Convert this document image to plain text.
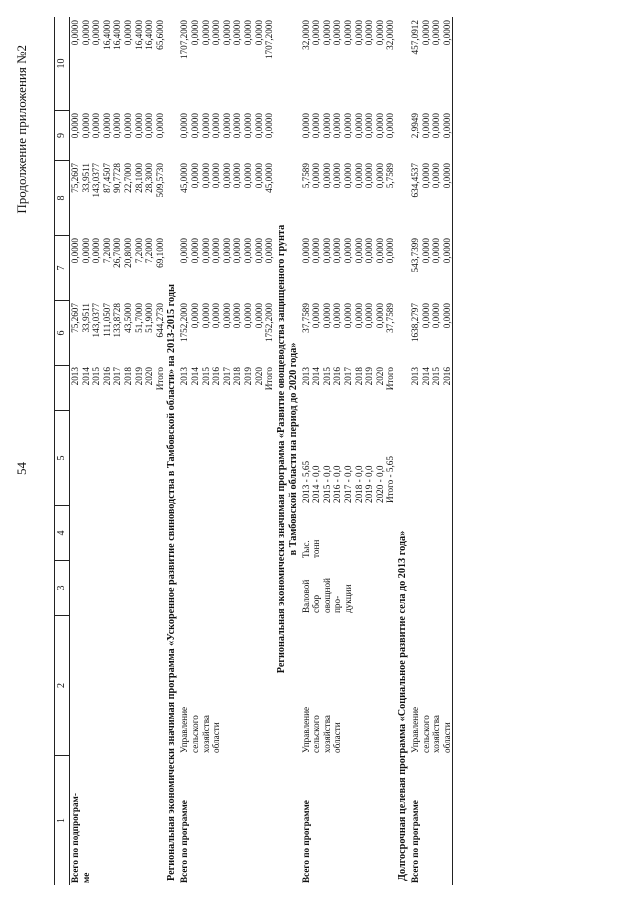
54
Продолжение приложения №2
1
2
3
4
5
6
7
8
9
10
Всего по подпрограм-
ме
2013
2014
2015
2016
2017
2018
2019
2020
Итого
75,2607
33,9511
143,0377
111,0507
133,8728
43,5000
51,7000
51,9000
644,2730
0,0000
0,0000
0,0000
7,2000
26,7000
20,8000
7,2000
7,2000
69,1000
75,2607
33,9511
143,0377
87,4507
90,7728
22,7000
28,1000
28,3000
509,5730
0,0000
0,0000
0,0000
0,0000
0,0000
0,0000
0,0000
0,0000
0,0000
0,0000
0,0000
0,0000
16,4000
16,4000
0,0000
16,4000
16,4000
65,6000
Региональная экономически значимая программа «Ускоренное развитие свиноводства в Тамбовской области» на 2013-2015 годы Всего по программе
Управление
сельского
хозяйства
области
2013
2014
2015
2016
2017
2018
2019
2020
Итого
1752,2000
0,0000
0,0000
0,0000
0,0000
0,0000
0,0000
0,0000
1752,2000
0,0000
0,0000
0,0000
0,0000
0,0000
0,0000
0,0000
0,0000
0,0000
45,0000
0,0000
0,0000
0,0000
0,0000
0,0000
0,0000
0,0000
45,0000
0,0000
0,0000
0,0000
0,0000
0,0000
0,0000
0,0000
0,0000
0,0000
1707,2000
0,0000
0,0000
0,0000
0,0000
0,0000
0,0000
0,0000
1707,2000
Региональная экономически значимая программа «Развитие овощеводства защищенного грунта
в Тамбовской области на период до 2020 года»
Всего по программе
Управление
сельского
хозяйства
области
Валовой сбор
овощной про-
дукции
Тыс.
тонн
2013 - 5,65
2014 - 0,0
2015 - 0,0
2016 - 0,0
2017 - 0,0
2018 - 0,0
2019 - 0,0
2020 - 0,0
Итого - 5,65
2013
2014
2015
2016
2017
2018
2019
2020
Итого
37,7589
0,0000
0,0000
0,0000
0,0000
0,0000
0,0000
0,0000
37,7589
0,0000
0,0000
0,0000
0,0000
0,0000
0,0000
0,0000
0,0000
0,0000
5,7589
0,0000
0,0000
0,0000
0,0000
0,0000
0,0000
0,0000
5,7589
0,0000
0,0000
0,0000
0,0000
0,0000
0,0000
0,0000
0,0000
0,0000
32,0000
0,0000
0,0000
0,0000
0,0000
0,0000
0,0000
0,0000
32,0000
Долгосрочная целевая программа «Социальное развитие села до 2013 года» Всего по программе
Управление
сельского
хозяйства
области
2013
2014
2015
2016
1638,2797
0,0000
0,0000
0,0000
543,7399
0,0000
0,0000
0,0000
634,4537
0,0000
0,0000
0,0000
2,9949
0,0000
0,0000
0,0000
457,0912
0,0000
0,0000
0,0000
